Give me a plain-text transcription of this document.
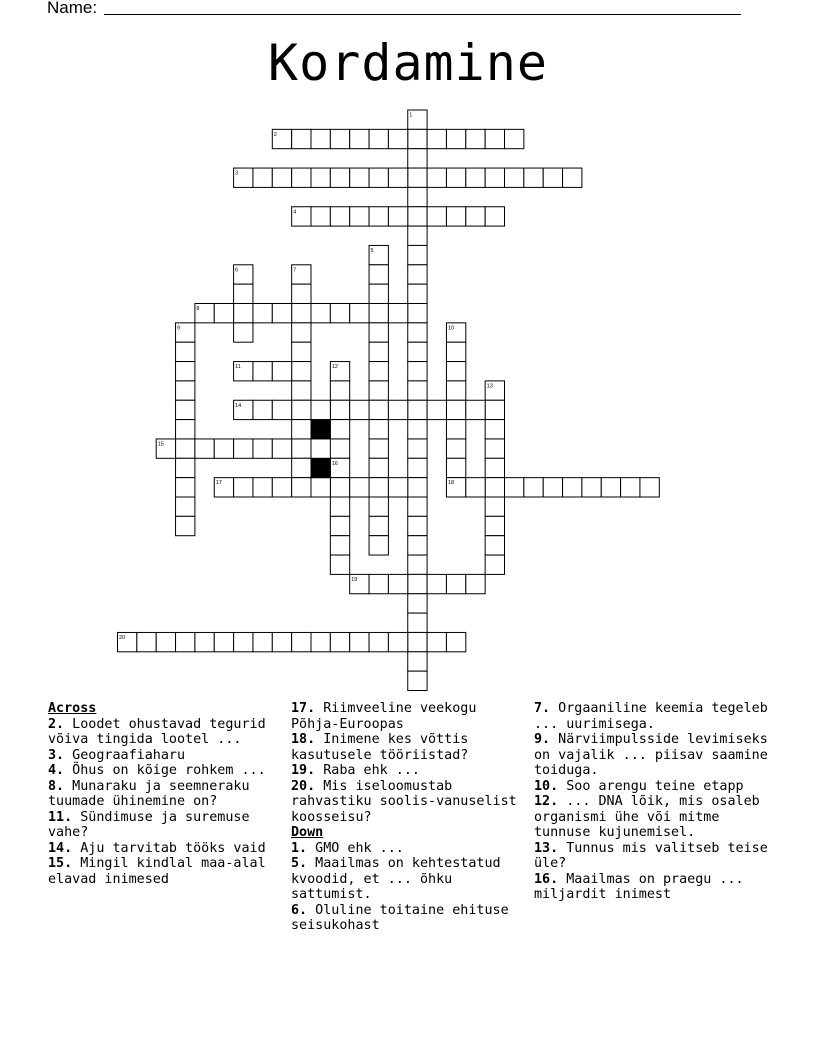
Name:
Kordamine
1
2
3
4
5
6	7
8
9	10
11	12
13
14
15
16
17	18
19
20
Across
2. Loodet ohustavad tegurid võiva tingida lootel ...
3. Geograafiaharu
4. Õhus on kõige rohkem ...
8. Munaraku ja seemneraku tuumade ühinemine on?
11. Sündimuse ja suremuse vahe?
14. Aju tarvitab tööks vaid
15. Mingil kindlal maa-alal elavad inimesed
17. Riimveeline veekogu Põhja-Euroopas
18. Inimene kes võttis kasutusele tööriistad?
19. Raba ehk ...
20. Mis iseloomustab rahvastiku soolis-vanuselist koosseisu?
Down
1. GMO ehk ...
5. Maailmas on kehtestatud kvoodid, et ... õhku sattumist.
6. Oluline toitaine ehituse seisukohast
7. Orgaaniline keemia tegeleb ... uurimisega.
9. Närviimpulsside levimiseks on vajalik ... piisav saamine toiduga.
10. Soo arengu teine etapp
12. ... DNA lõik, mis osaleb organismi ühe või mitme tunnuse kujunemisel.
13. Tunnus mis valitseb teise üle?
16. Maailmas on praegu ... miljardit inimest
